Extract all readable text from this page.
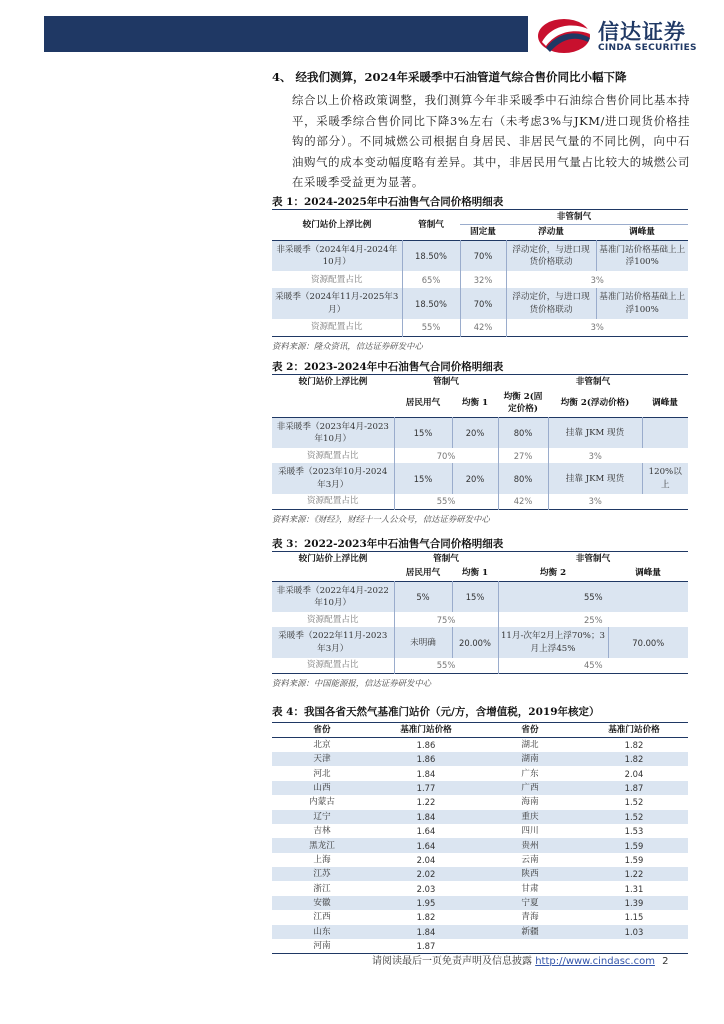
信达证券
CINDA SECURITIES
4、 经我们测算，2024年采暖季中石油管道气综合售价同比小幅下降
综合以上价格政策调整，我们测算今年非采暖季中石油综合售价同比基本持平，采暖季综合售价同比下降3%左右（未考虑3%与JKM/进口现货价格挂钩的部分）。不同城燃公司根据自身居民、非居民气量的不同比例，向中石油购气的成本变动幅度略有差异。其中，非居民用气量占比较大的城燃公司在采暖季受益更为显著。
表 1：2024-2025年中石油售气合同价格明细表
较门站价上浮比例	管制气	非管制气		
		固定量	浮动量	调峰量
非采暖季（2024年4月-2024年10月）	18.50%	70%	浮动定价，与进口现货价格联动	基准门站价格基础上上浮100%
资源配置占比	65%	32%	3%	
采暖季（2024年11月-2025年3月）	18.50%	70%	浮动定价，与进口现货价格联动	基准门站价格基础上上浮100%
资源配置占比	55%	42%	3%	
资料来源：隆众资讯，信达证券研发中心
表 2：2023-2024年中石油售气合同价格明细表
较门站价上浮比例	管制气		非管制气		
	居民用气	均衡 1	均衡 2(固定价格)	均衡 2(浮动价格)	调峰量
非采暖季（2023年4月-2023年10月）	15%	20%	80%	挂靠 JKM 现货	
资源配置占比	70%		27%	3%	
采暖季（2023年10月-2024年3月）	15%	20%	80%	挂靠 JKM 现货	120%以上
资源配置占比	55%		42%	3%	
资料来源：《财经》，财经十一人公众号，信达证券研发中心
表 3：2022-2023年中石油售气合同价格明细表
较门站价上浮比例	管制气		非管制气	
	居民用气	均衡 1	均衡 2	调峰量
非采暖季（2022年4月-2022年10月）	5%	15%	55%	
资源配置占比	75%		25%	
采暖季（2022年11月-2023年3月）	未明确	20.00%	11月-次年2月上浮70%；3月上浮45%	70.00%
资源配置占比	55%		45%	
资料来源：中国能源报，信达证券研发中心
表 4：我国各省天然气基准门站价（元/方，含增值税，2019年核定）
省份	基准门站价格	省份	基准门站价格
北京	1.86	湖北	1.82
天津	1.86	湖南	1.82
河北	1.84	广东	2.04
山西	1.77	广西	1.87
内蒙古	1.22	海南	1.52
辽宁	1.84	重庆	1.52
吉林	1.64	四川	1.53
黑龙江	1.64	贵州	1.59
上海	2.04	云南	1.59
江苏	2.02	陕西	1.22
浙江	2.03	甘肃	1.31
安徽	1.95	宁夏	1.39
江西	1.82	青海	1.15
山东	1.84	新疆	1.03
河南	1.87		
请阅读最后一页免责声明及信息披露 http://www.cindasc.com 2
